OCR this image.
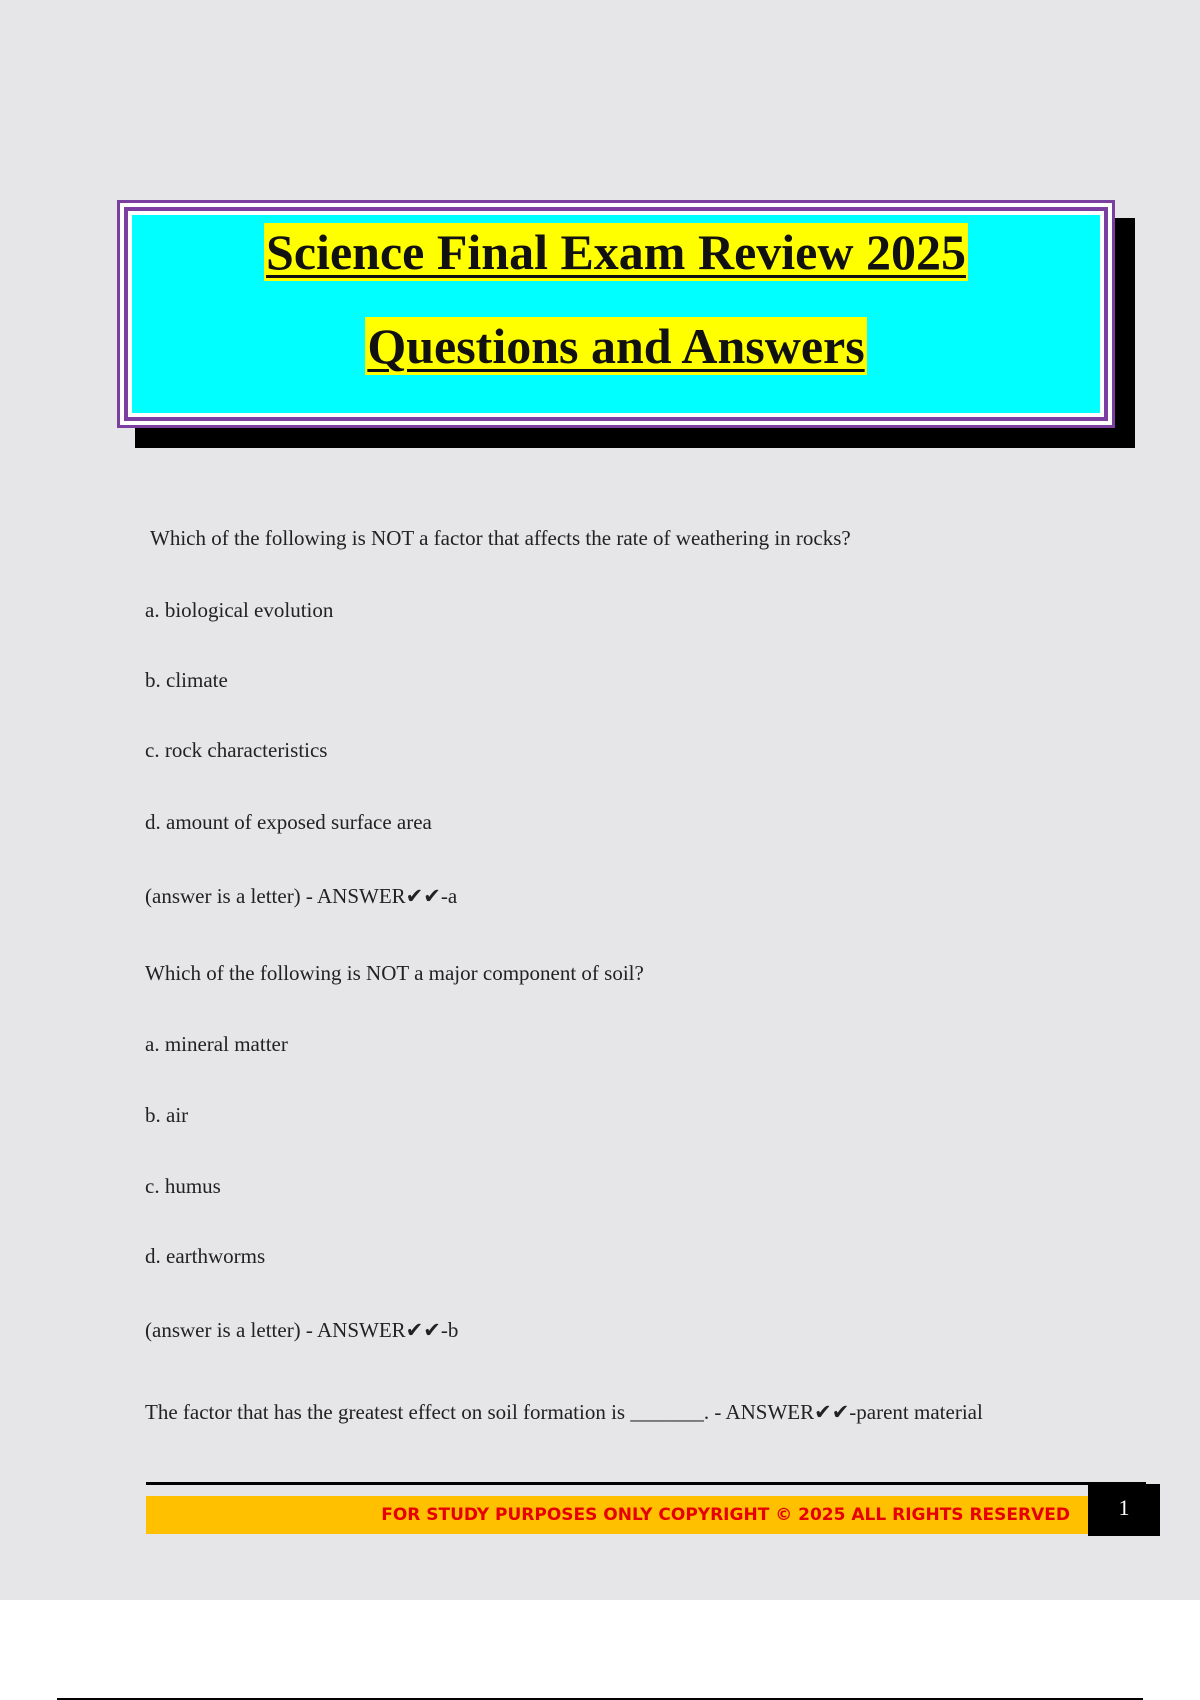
Science Final Exam Review 2025
Questions and Answers
Which of the following is NOT a factor that affects the rate of weathering in rocks?
a. biological evolution
b. climate
c. rock characteristics
d. amount of exposed surface area
(answer is a letter) - ANSWER✔✔-a
Which of the following is NOT a major component of soil?
a. mineral matter
b. air
c. humus
d. earthworms
(answer is a letter) - ANSWER✔✔-b
The factor that has the greatest effect on soil formation is _______. - ANSWER✔✔-parent material
FOR STUDY PURPOSES ONLY COPYRIGHT © 2025 ALL RIGHTS RESERVED	1
